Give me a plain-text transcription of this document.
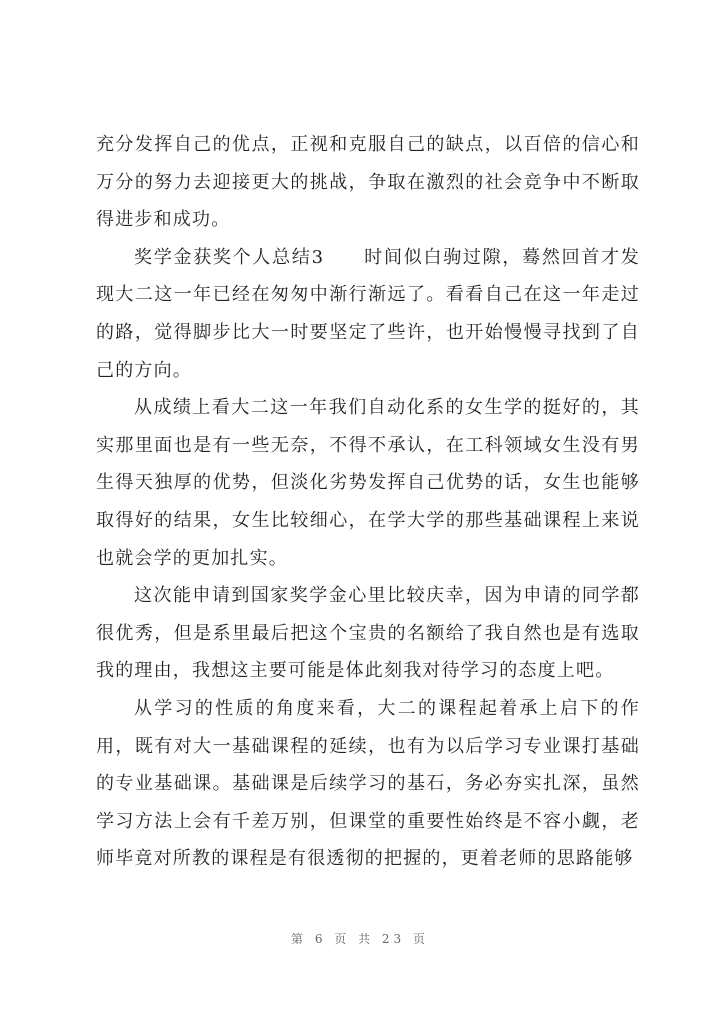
充分发挥自己的优点，正视和克服自己的缺点，以百倍的信心和万分的努力去迎接更大的挑战，争取在激烈的社会竞争中不断取得进步和成功。

奖学金获奖个人总结3　　时间似白驹过隙，蓦然回首才发现大二这一年已经在匆匆中渐行渐远了。看看自己在这一年走过的路，觉得脚步比大一时要坚定了些许，也开始慢慢寻找到了自己的方向。

从成绩上看大二这一年我们自动化系的女生学的挺好的，其实那里面也是有一些无奈，不得不承认，在工科领域女生没有男生得天独厚的优势，但淡化劣势发挥自己优势的话，女生也能够取得好的结果，女生比较细心，在学大学的那些基础课程上来说也就会学的更加扎实。

这次能申请到国家奖学金心里比较庆幸，因为申请的同学都很优秀，但是系里最后把这个宝贵的名额给了我自然也是有选取我的理由，我想这主要可能是体此刻我对待学习的态度上吧。

从学习的性质的角度来看，大二的课程起着承上启下的作用，既有对大一基础课程的延续，也有为以后学习专业课打基础的专业基础课。基础课是后续学习的基石，务必夯实扎深，虽然学习方法上会有千差万别，但课堂的重要性始终是不容小觑，老师毕竟对所教的课程是有很透彻的把握的，更着老师的思路能够

第 6 页 共 23 页
